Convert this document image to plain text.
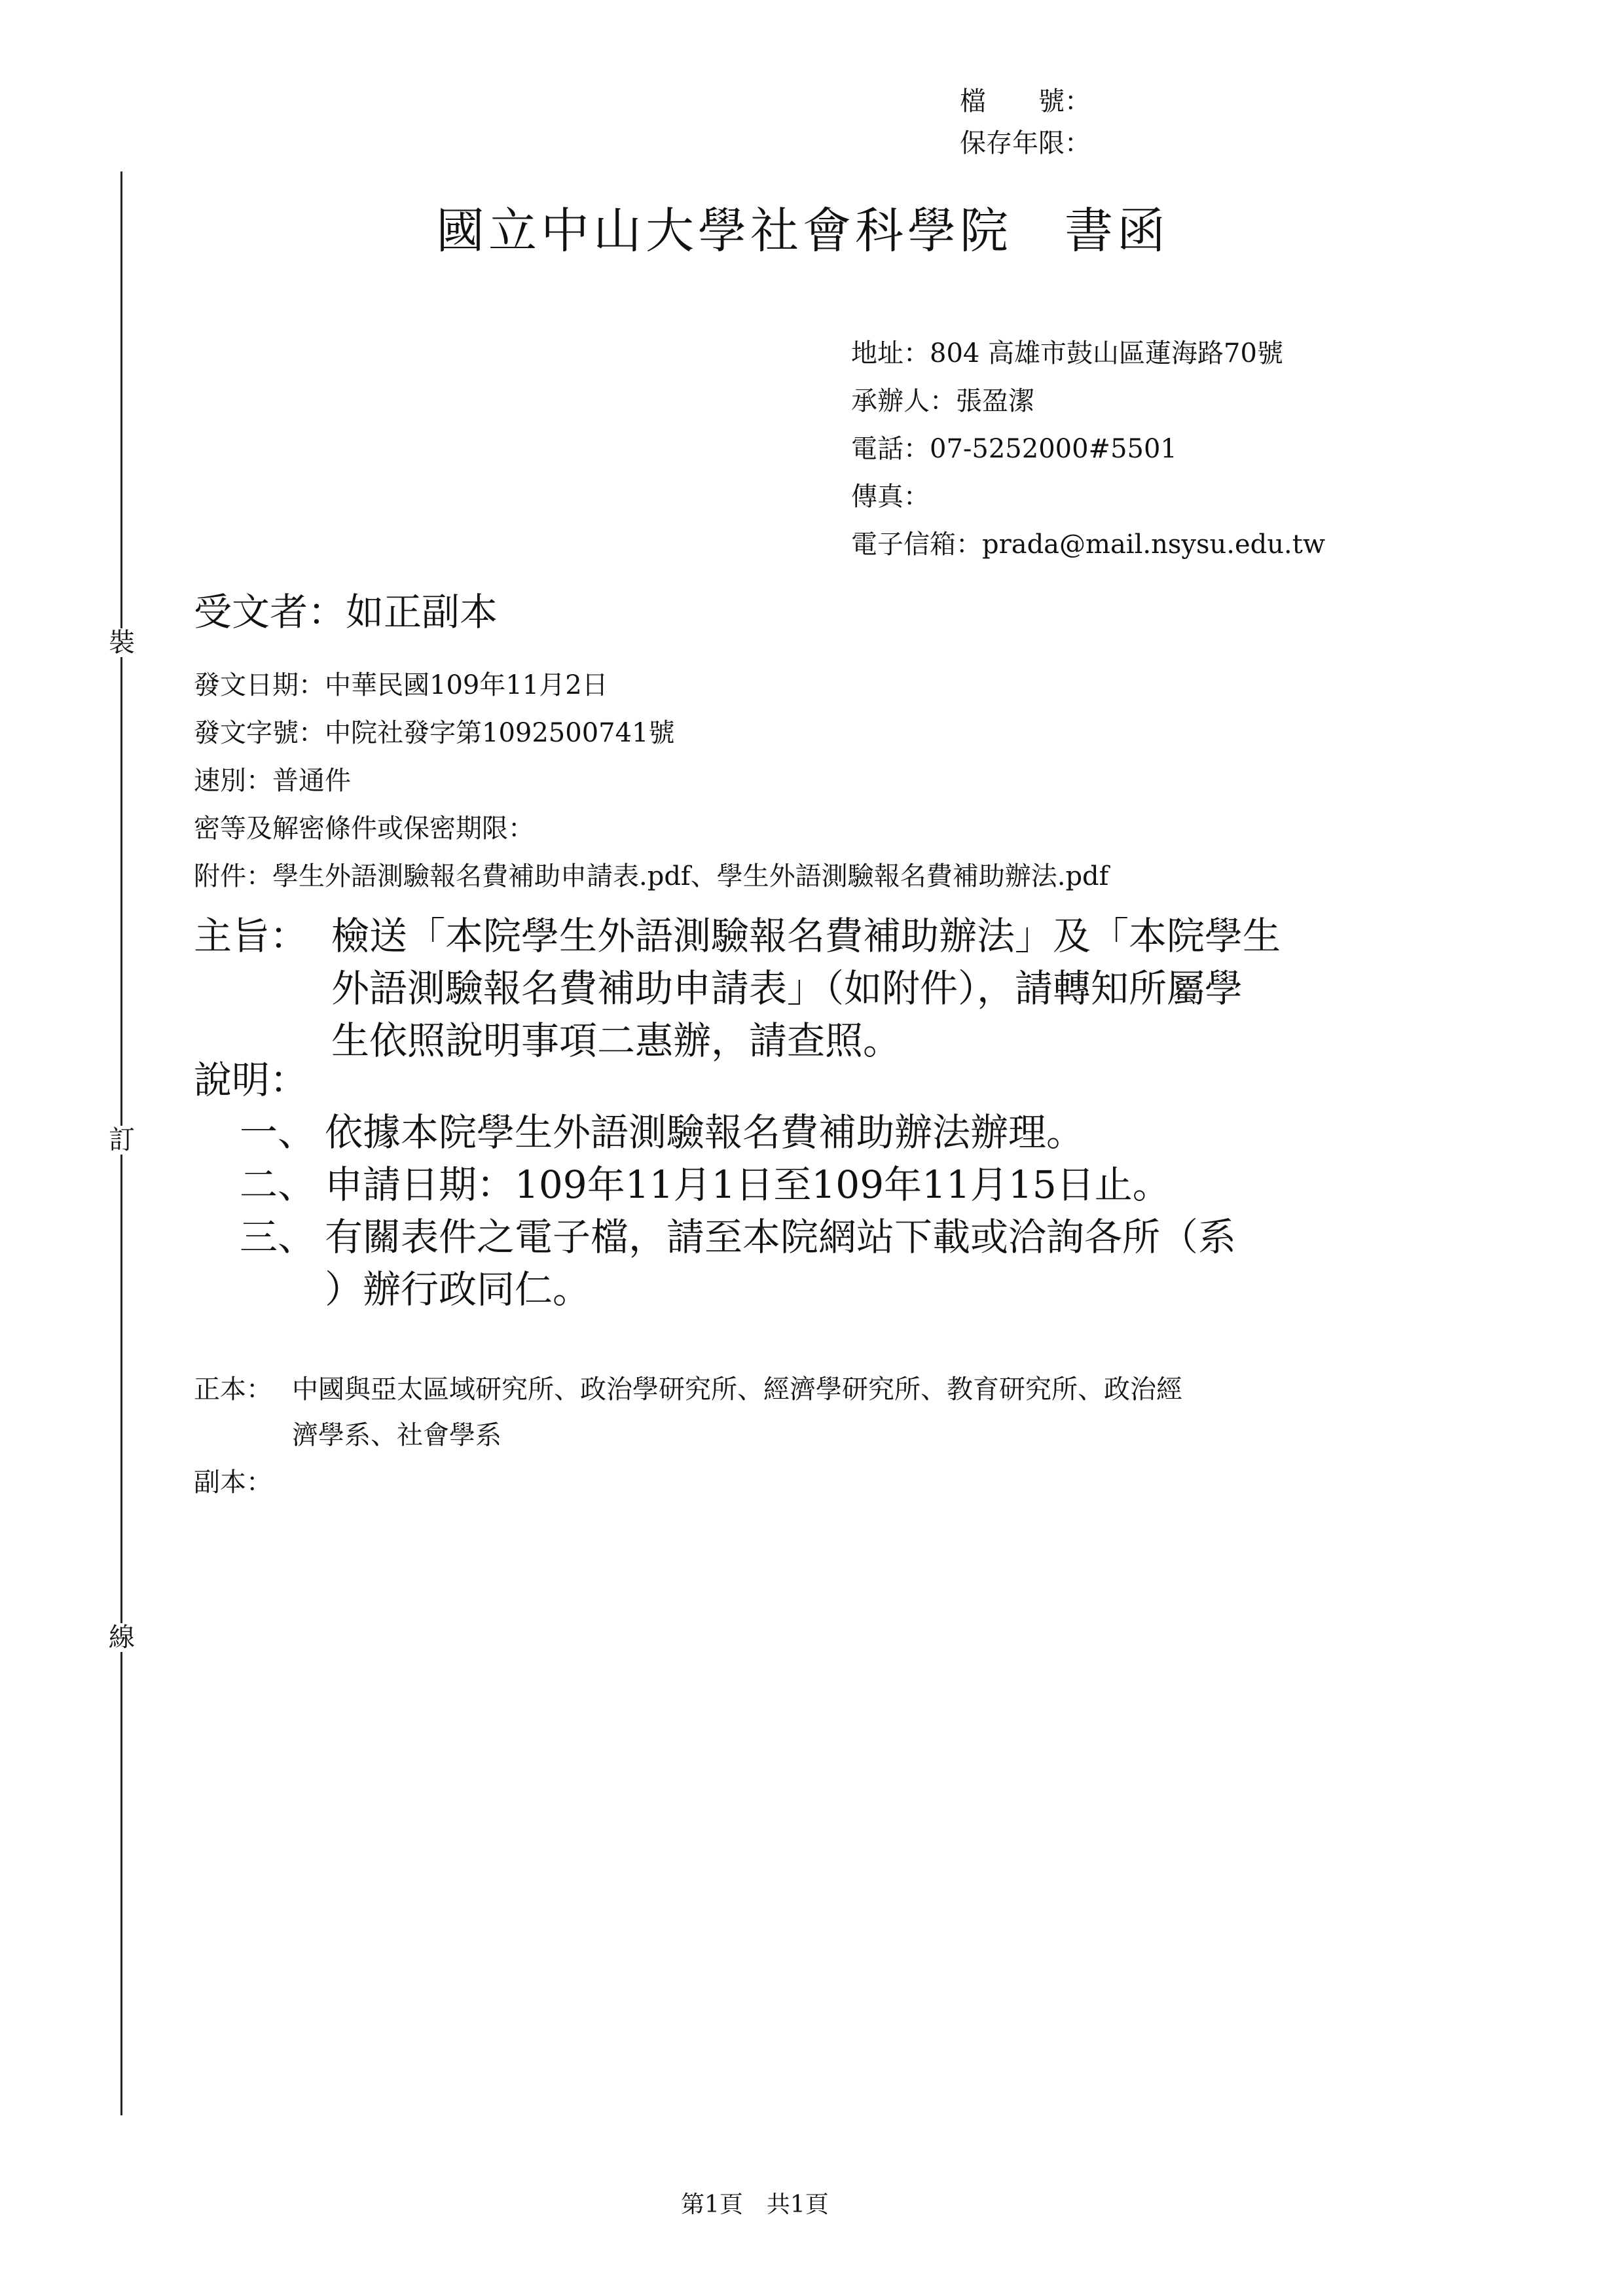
檔　　號：
保存年限：
裝
訂
線
國立中山大學社會科學院　書函
地址：804 高雄市鼓山區蓮海路70號
承辦人：張盈潔
電話：07-5252000#5501
傳真：
電子信箱：prada@mail.nsysu.edu.tw
受文者：如正副本
發文日期：中華民國109年11月2日
發文字號：中院社發字第1092500741號
速別：普通件
密等及解密條件或保密期限：
附件：學生外語測驗報名費補助申請表.pdf、學生外語測驗報名費補助辦法.pdf
主旨： 檢送「本院學生外語測驗報名費補助辦法」及「本院學生
外語測驗報名費補助申請表」（如附件），請轉知所屬學
生依照說明事項二惠辦，請查照。
說明：
一、 依據本院學生外語測驗報名費補助辦法辦理。
二、 申請日期：109年11月1日至109年11月15日止。
三、 有關表件之電子檔，請至本院網站下載或洽詢各所（系
）辦行政同仁。
正本： 中國與亞太區域研究所、政治學研究所、經濟學研究所、教育研究所、政治經
濟學系、社會學系
副本：
第1頁　共1頁
